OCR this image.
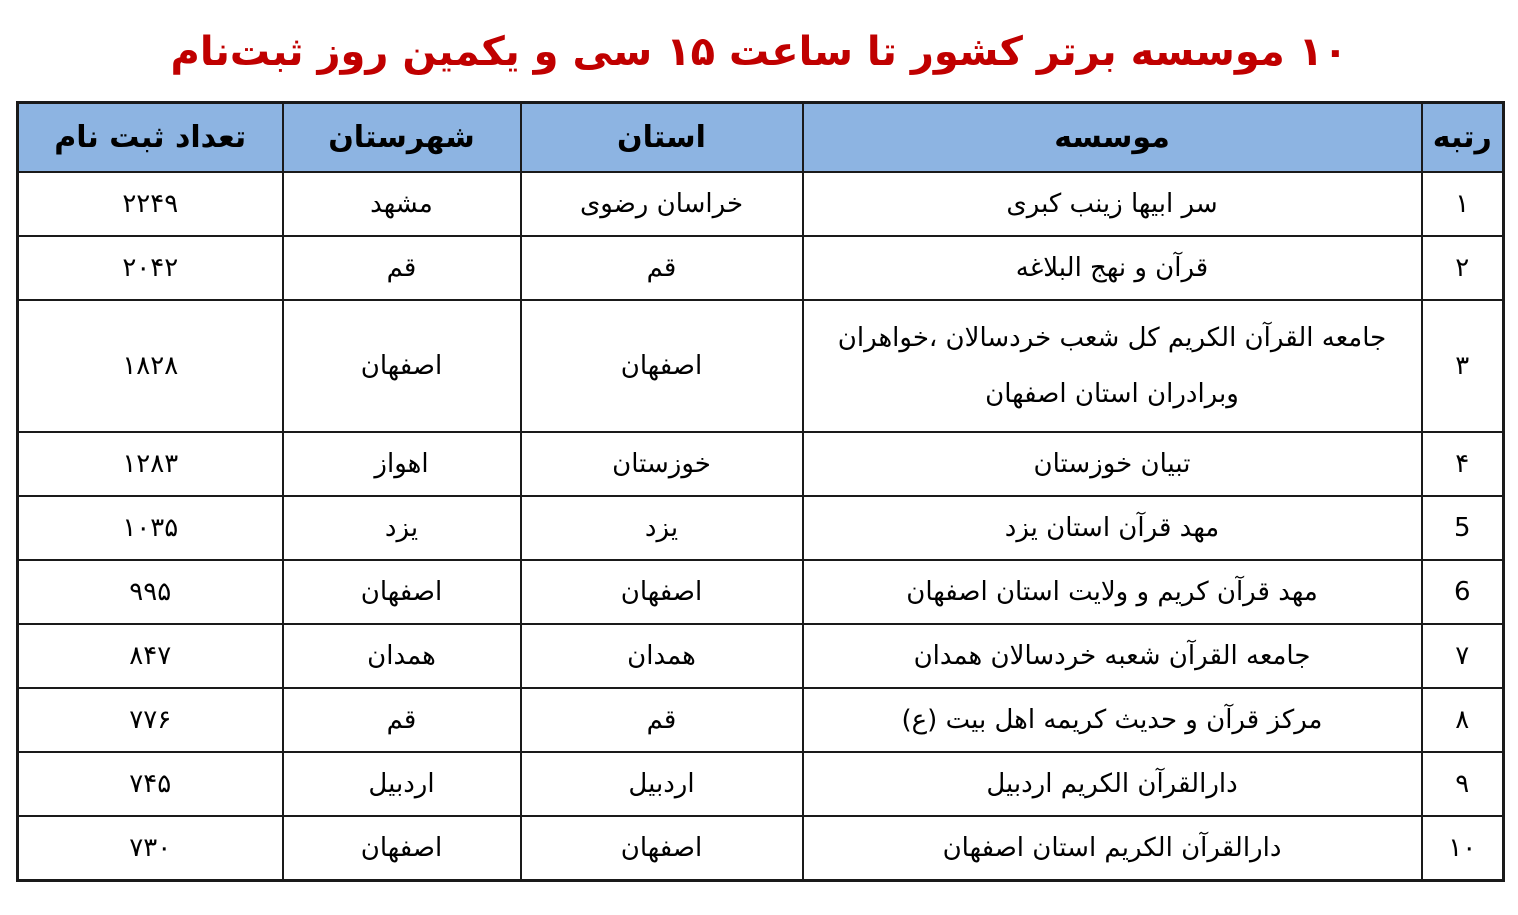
۱۰ موسسه برتر کشور تا ساعت ۱۵ سی و یکمین روز ثبت‌نام
رتبه	موسسه	استان	شهرستان	تعداد ثبت نام
۱	سر ابیها زینب کبری	خراسان رضوی	مشهد	۲۲۴۹
۲	قرآن و نهج البلاغه	قم	قم	۲۰۴۲
۳	جامعه القرآن الکریم کل شعب خردسالان ،خواهران وبرادران استان اصفهان	اصفهان	اصفهان	۱۸۲۸
۴	تبیان خوزستان	خوزستان	اهواز	۱۲۸۳
5	مهد قرآن استان یزد	یزد	یزد	۱۰۳۵
6	مهد قرآن کریم و ولایت استان اصفهان	اصفهان	اصفهان	۹۹۵
۷	جامعه القرآن شعبه خردسالان همدان	همدان	همدان	۸۴۷
۸	مرکز قرآن و حدیث کریمه اهل بیت (ع)	قم	قم	۷۷۶
۹	دارالقرآن الکریم اردبیل	اردبیل	اردبیل	۷۴۵
۱۰	دارالقرآن الکریم استان اصفهان	اصفهان	اصفهان	۷۳۰
